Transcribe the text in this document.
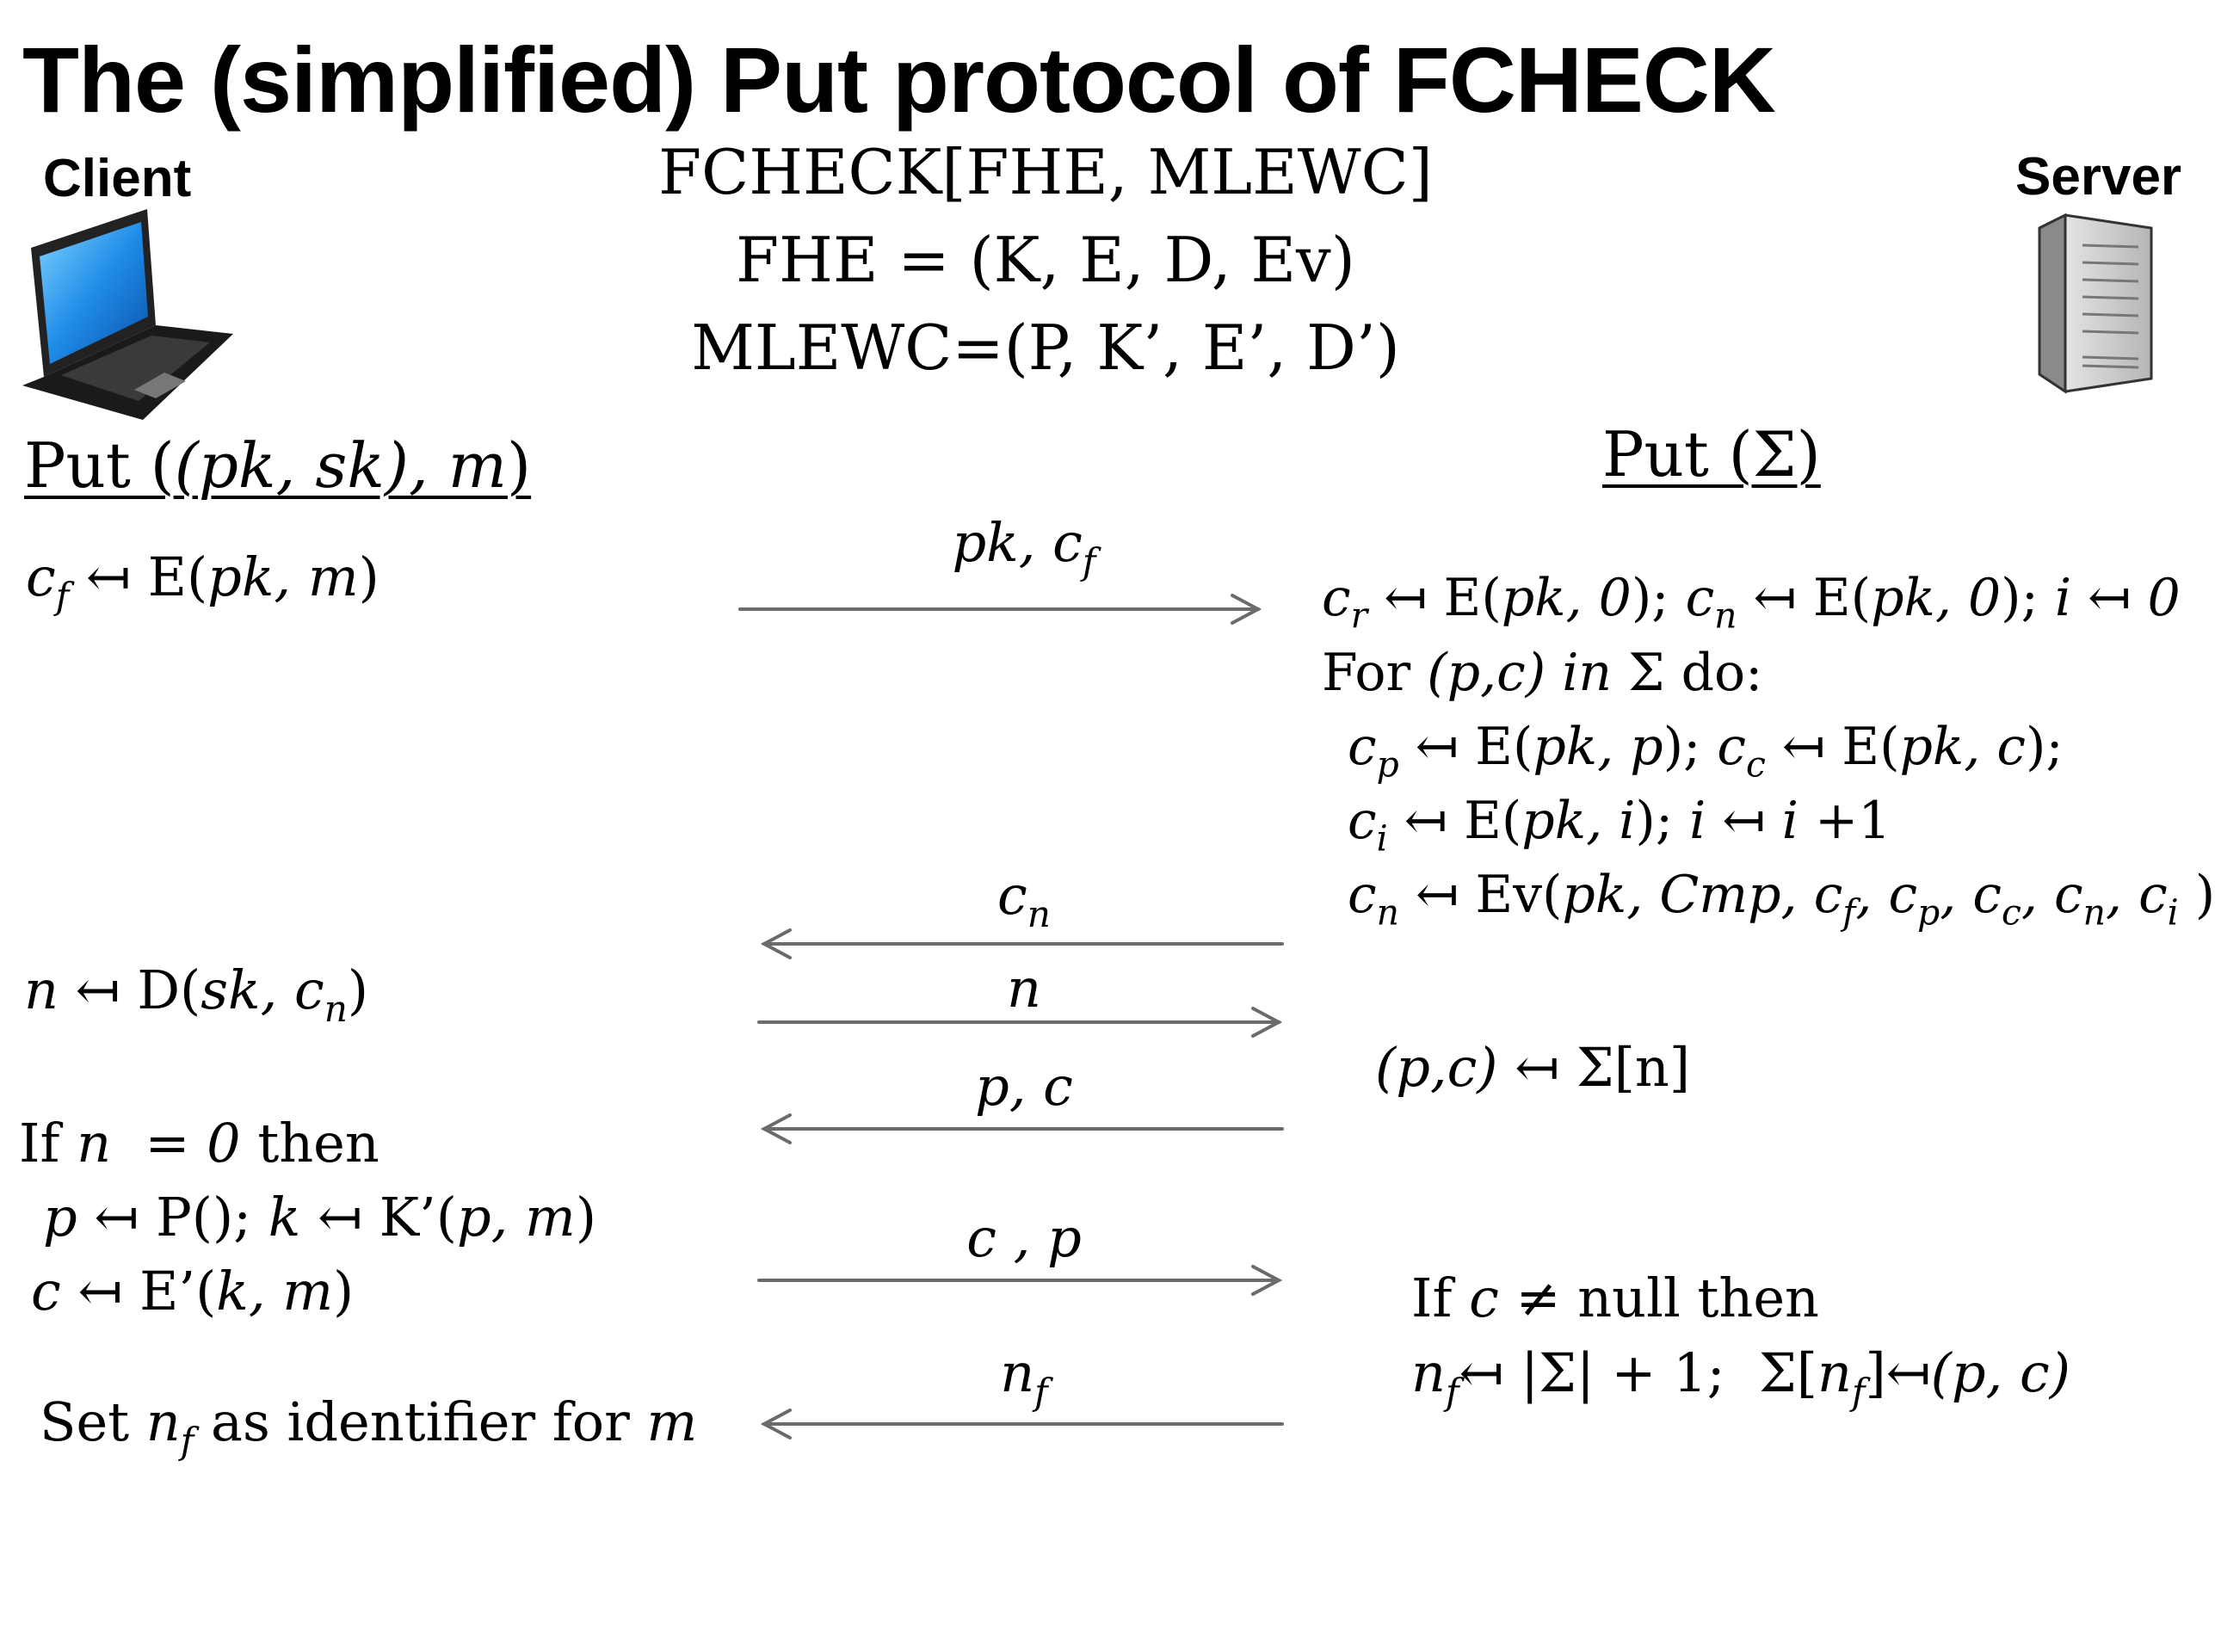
The (simplified) Put protocol of FCHECK
Client	Server
FCHECK[FHE, MLEWC]
FHE = (K, E, D, Ev)
MLEWC=(P, K’, E’, D’)
Put ((pk, sk), m)
$c_f$ ↤ E(pk, m)
n ↤ D(sk, $c_n$)
If n  = 0 then
p ↤ P(); k ↤ K’(p, m)
c ↤ E’(k, m)
Set $n_f$ as identifier for m
Put (Σ)
$c_r$ ↤ E(pk, 0); $c_n$ ↤ E(pk, 0); i ↤ 0
For (p,c) in Σ do:
$c_p$ ↤ E(pk, p); $c_c$ ↤ E(pk, c);
$c_i$ ↤ E(pk, i); i ↤ i +1
$c_n$ ↤ Ev(pk, Cmp, $c_f$, $c_p$, $c_c$, $c_n$, $c_i$ )
(p,c) ↤ Σ[n]
If c ≠ null then
$n_f↤$ |Σ| + 1;  $\Sigma[n_f]↤(p$, c)
pk, $c_f$
$c_n$
n
p, c
c , p
$n_f$
